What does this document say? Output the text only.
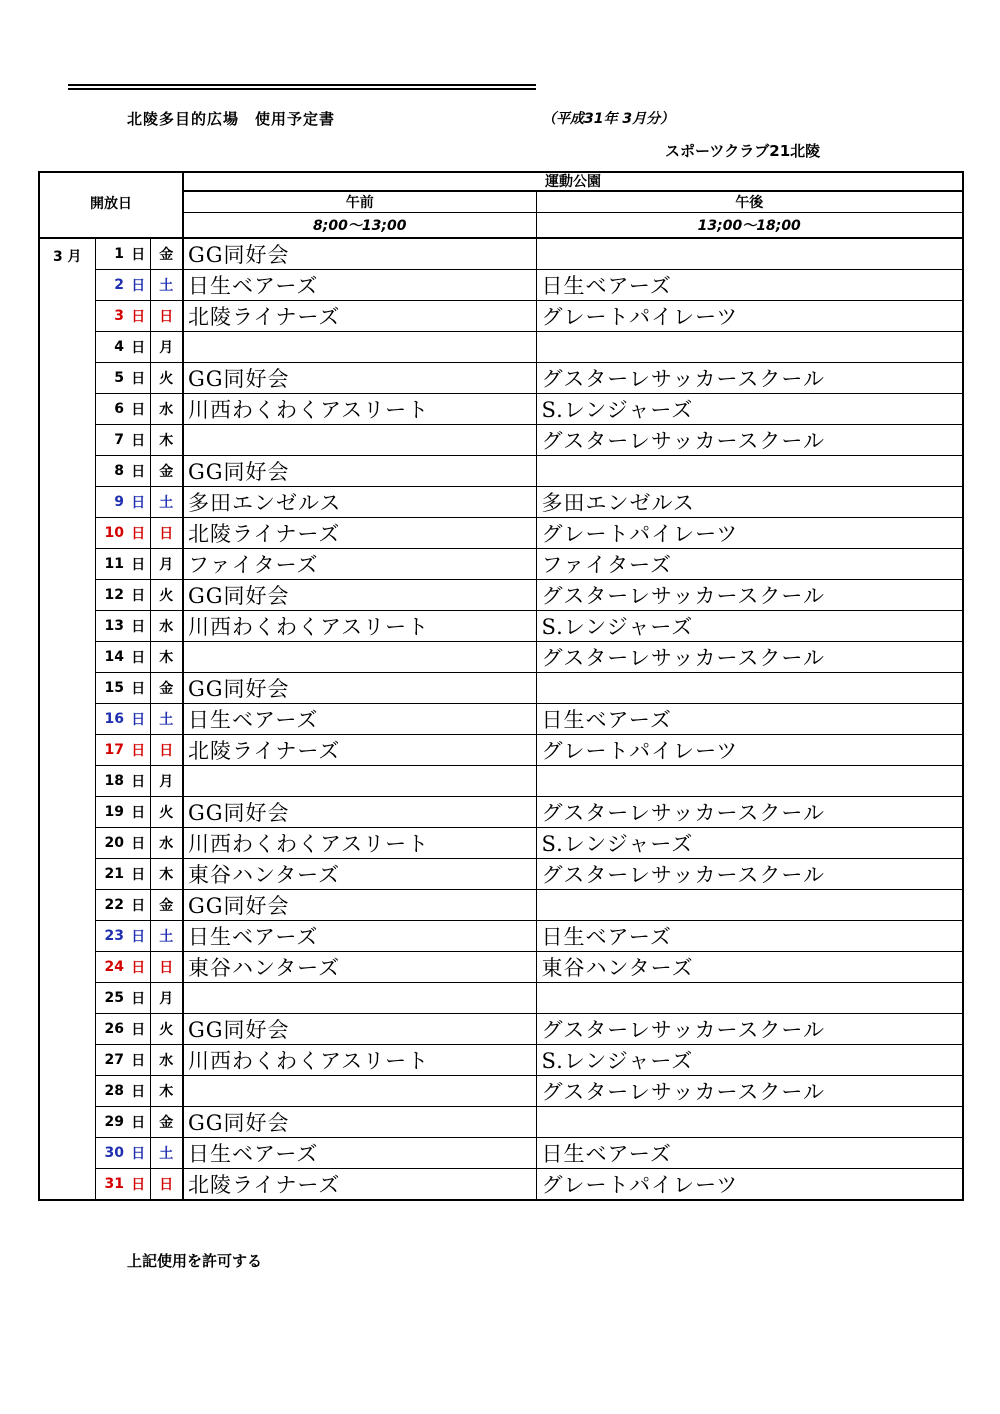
北陵多目的広場　使用予定書	（平成31年 3月分）
スポーツクラブ21北陵
開放日				運動公園	
				午前	午後
				8;00～13;00	13;00～18;00
3 月	1	日	金	GG同好会	
	2	日	土	日生ベアーズ	日生ベアーズ
	3	日	日	北陵ライナーズ	グレートパイレーツ
	4	日	月		
	5	日	火	GG同好会	グスターレサッカースクール
	6	日	水	川西わくわくアスリート	S.レンジャーズ
	7	日	木		グスターレサッカースクール
	8	日	金	GG同好会	
	9	日	土	多田エンゼルス	多田エンゼルス
	10	日	日	北陵ライナーズ	グレートパイレーツ
	11	日	月	ファイターズ	ファイターズ
	12	日	火	GG同好会	グスターレサッカースクール
	13	日	水	川西わくわくアスリート	S.レンジャーズ
	14	日	木		グスターレサッカースクール
	15	日	金	GG同好会	
	16	日	土	日生ベアーズ	日生ベアーズ
	17	日	日	北陵ライナーズ	グレートパイレーツ
	18	日	月		
	19	日	火	GG同好会	グスターレサッカースクール
	20	日	水	川西わくわくアスリート	S.レンジャーズ
	21	日	木	東谷ハンターズ	グスターレサッカースクール
	22	日	金	GG同好会	
	23	日	土	日生ベアーズ	日生ベアーズ
	24	日	日	東谷ハンターズ	東谷ハンターズ
	25	日	月		
	26	日	火	GG同好会	グスターレサッカースクール
	27	日	水	川西わくわくアスリート	S.レンジャーズ
	28	日	木		グスターレサッカースクール
	29	日	金	GG同好会	
	30	日	土	日生ベアーズ	日生ベアーズ
	31	日	日	北陵ライナーズ	グレートパイレーツ
上記使用を許可する
